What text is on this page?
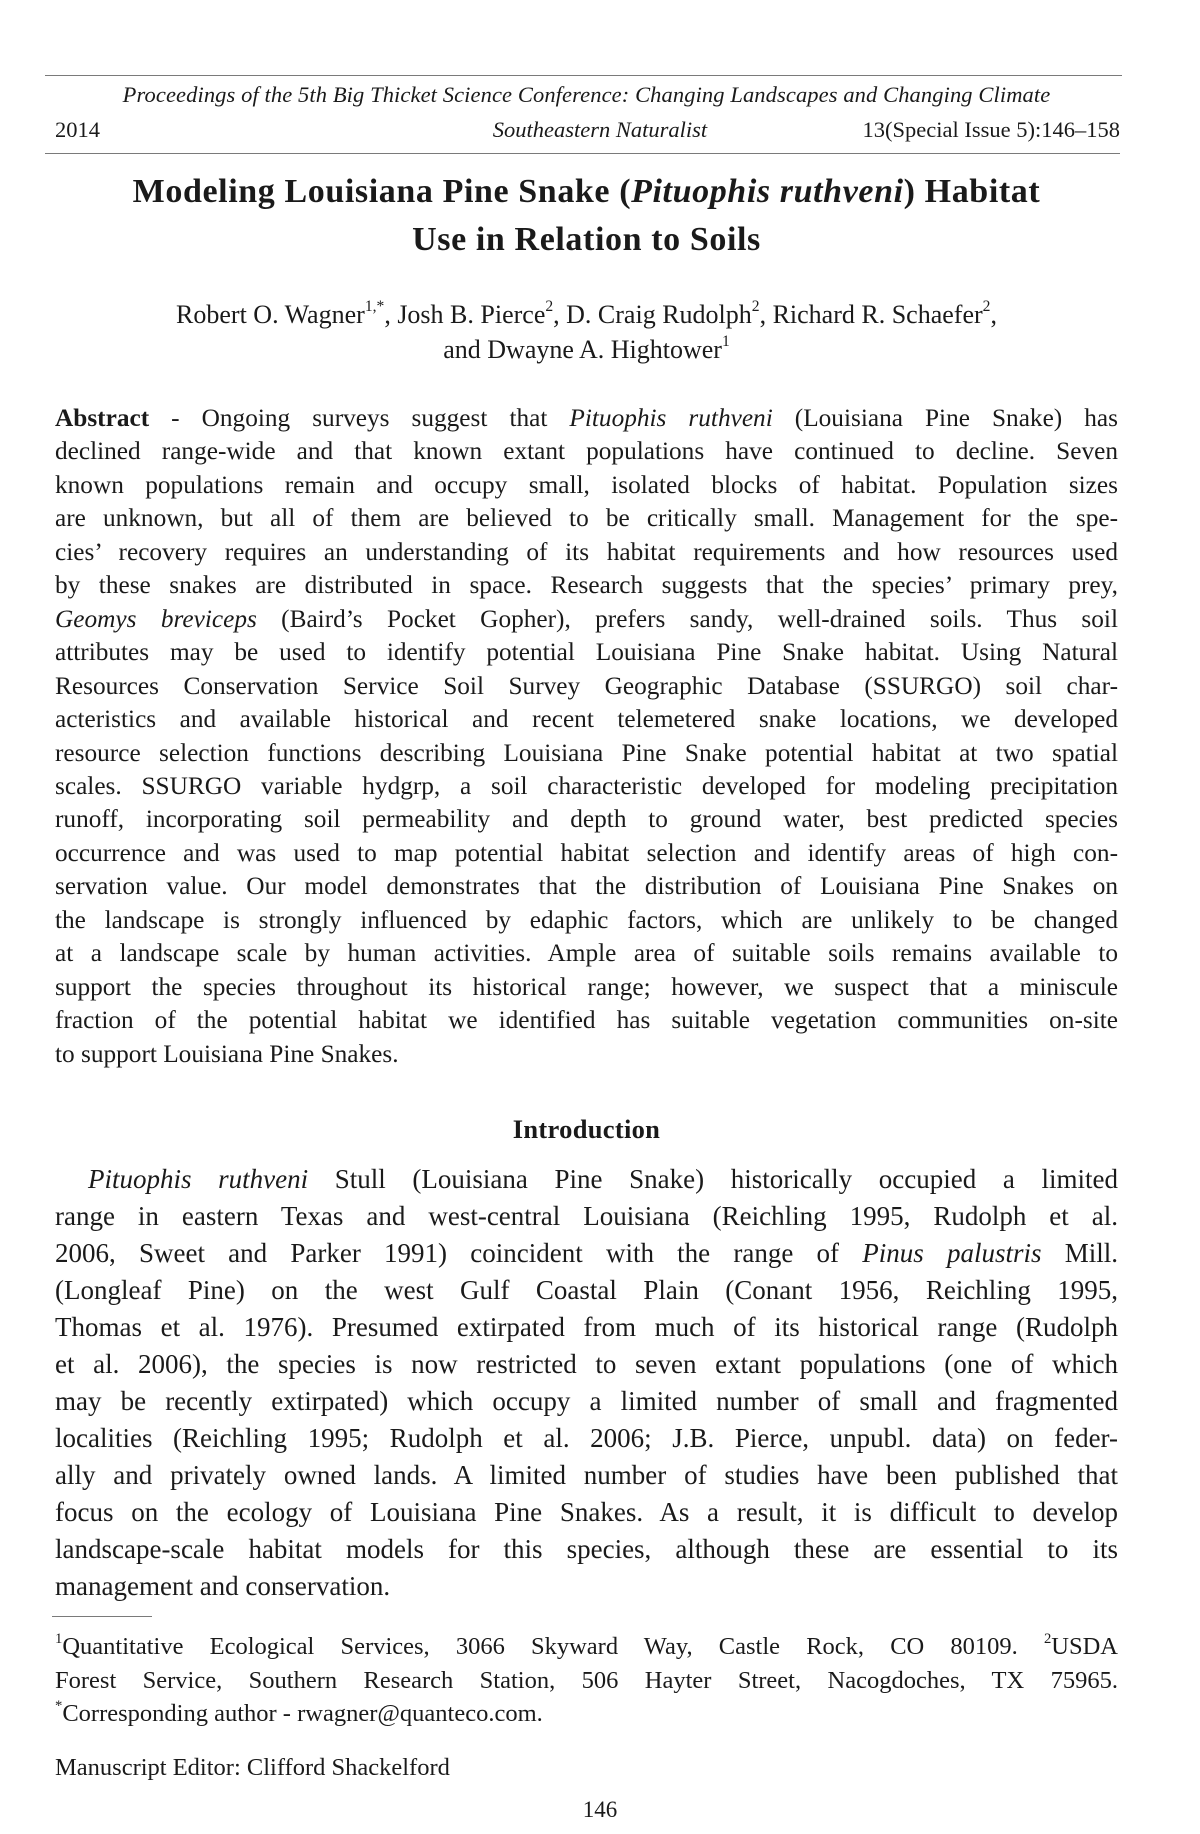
Proceedings of the 5th Big Thicket Science Conference: Changing Landscapes and Changing Climate
2014	Southeastern Naturalist	13(Special Issue 5):146–158
Modeling Louisiana Pine Snake (Pituophis ruthveni) Habitat
Use in Relation to Soils
Robert O. Wagner$^{1,*}$, Josh B. Pierce$^2$, D. Craig Rudolph$^2$, Richard R. Schaefer$^2$,
and Dwayne A. Hightower$^1$
Abstract - Ongoing surveys suggest that Pituophis ruthveni (Louisiana Pine Snake) has
declined range-wide and that known extant populations have continued to decline. Seven
known populations remain and occupy small, isolated blocks of habitat. Population sizes
are unknown, but all of them are believed to be critically small. Management for the spe-
cies’ recovery requires an understanding of its habitat requirements and how resources used
by these snakes are distributed in space. Research suggests that the species’ primary prey,
Geomys breviceps (Baird’s Pocket Gopher), prefers sandy, well-drained soils. Thus soil
attributes may be used to identify potential Louisiana Pine Snake habitat. Using Natural
Resources Conservation Service Soil Survey Geographic Database (SSURGO) soil char-
acteristics and available historical and recent telemetered snake locations, we developed
resource selection functions describing Louisiana Pine Snake potential habitat at two spatial
scales. SSURGO variable hydgrp, a soil characteristic developed for modeling precipitation
runoff, incorporating soil permeability and depth to ground water, best predicted species
occurrence and was used to map potential habitat selection and identify areas of high con-
servation value. Our model demonstrates that the distribution of Louisiana Pine Snakes on
the landscape is strongly influenced by edaphic factors, which are unlikely to be changed
at a landscape scale by human activities. Ample area of suitable soils remains available to
support the species throughout its historical range; however, we suspect that a miniscule
fraction of the potential habitat we identified has suitable vegetation communities on-site
to support Louisiana Pine Snakes.
Introduction
Pituophis ruthveni Stull (Louisiana Pine Snake) historically occupied a limited
range in eastern Texas and west-central Louisiana (Reichling 1995, Rudolph et al.
2006, Sweet and Parker 1991) coincident with the range of Pinus palustris Mill.
(Longleaf Pine) on the west Gulf Coastal Plain (Conant 1956, Reichling 1995,
Thomas et al. 1976). Presumed extirpated from much of its historical range (Rudolph
et al. 2006), the species is now restricted to seven extant populations (one of which
may be recently extirpated) which occupy a limited number of small and fragmented
localities (Reichling 1995; Rudolph et al. 2006; J.B. Pierce, unpubl. data) on feder-
ally and privately owned lands. A limited number of studies have been published that
focus on the ecology of Louisiana Pine Snakes. As a result, it is difficult to develop
landscape-scale habitat models for this species, although these are essential to its
management and conservation.
$^1$Quantitative Ecological Services, 3066 Skyward Way, Castle Rock, CO 80109. $^2$USDA
Forest Service, Southern Research Station, 506 Hayter Street, Nacogdoches, TX 75965.
*Corresponding author - rwagner@quanteco.com.
Manuscript Editor: Clifford Shackelford
146
